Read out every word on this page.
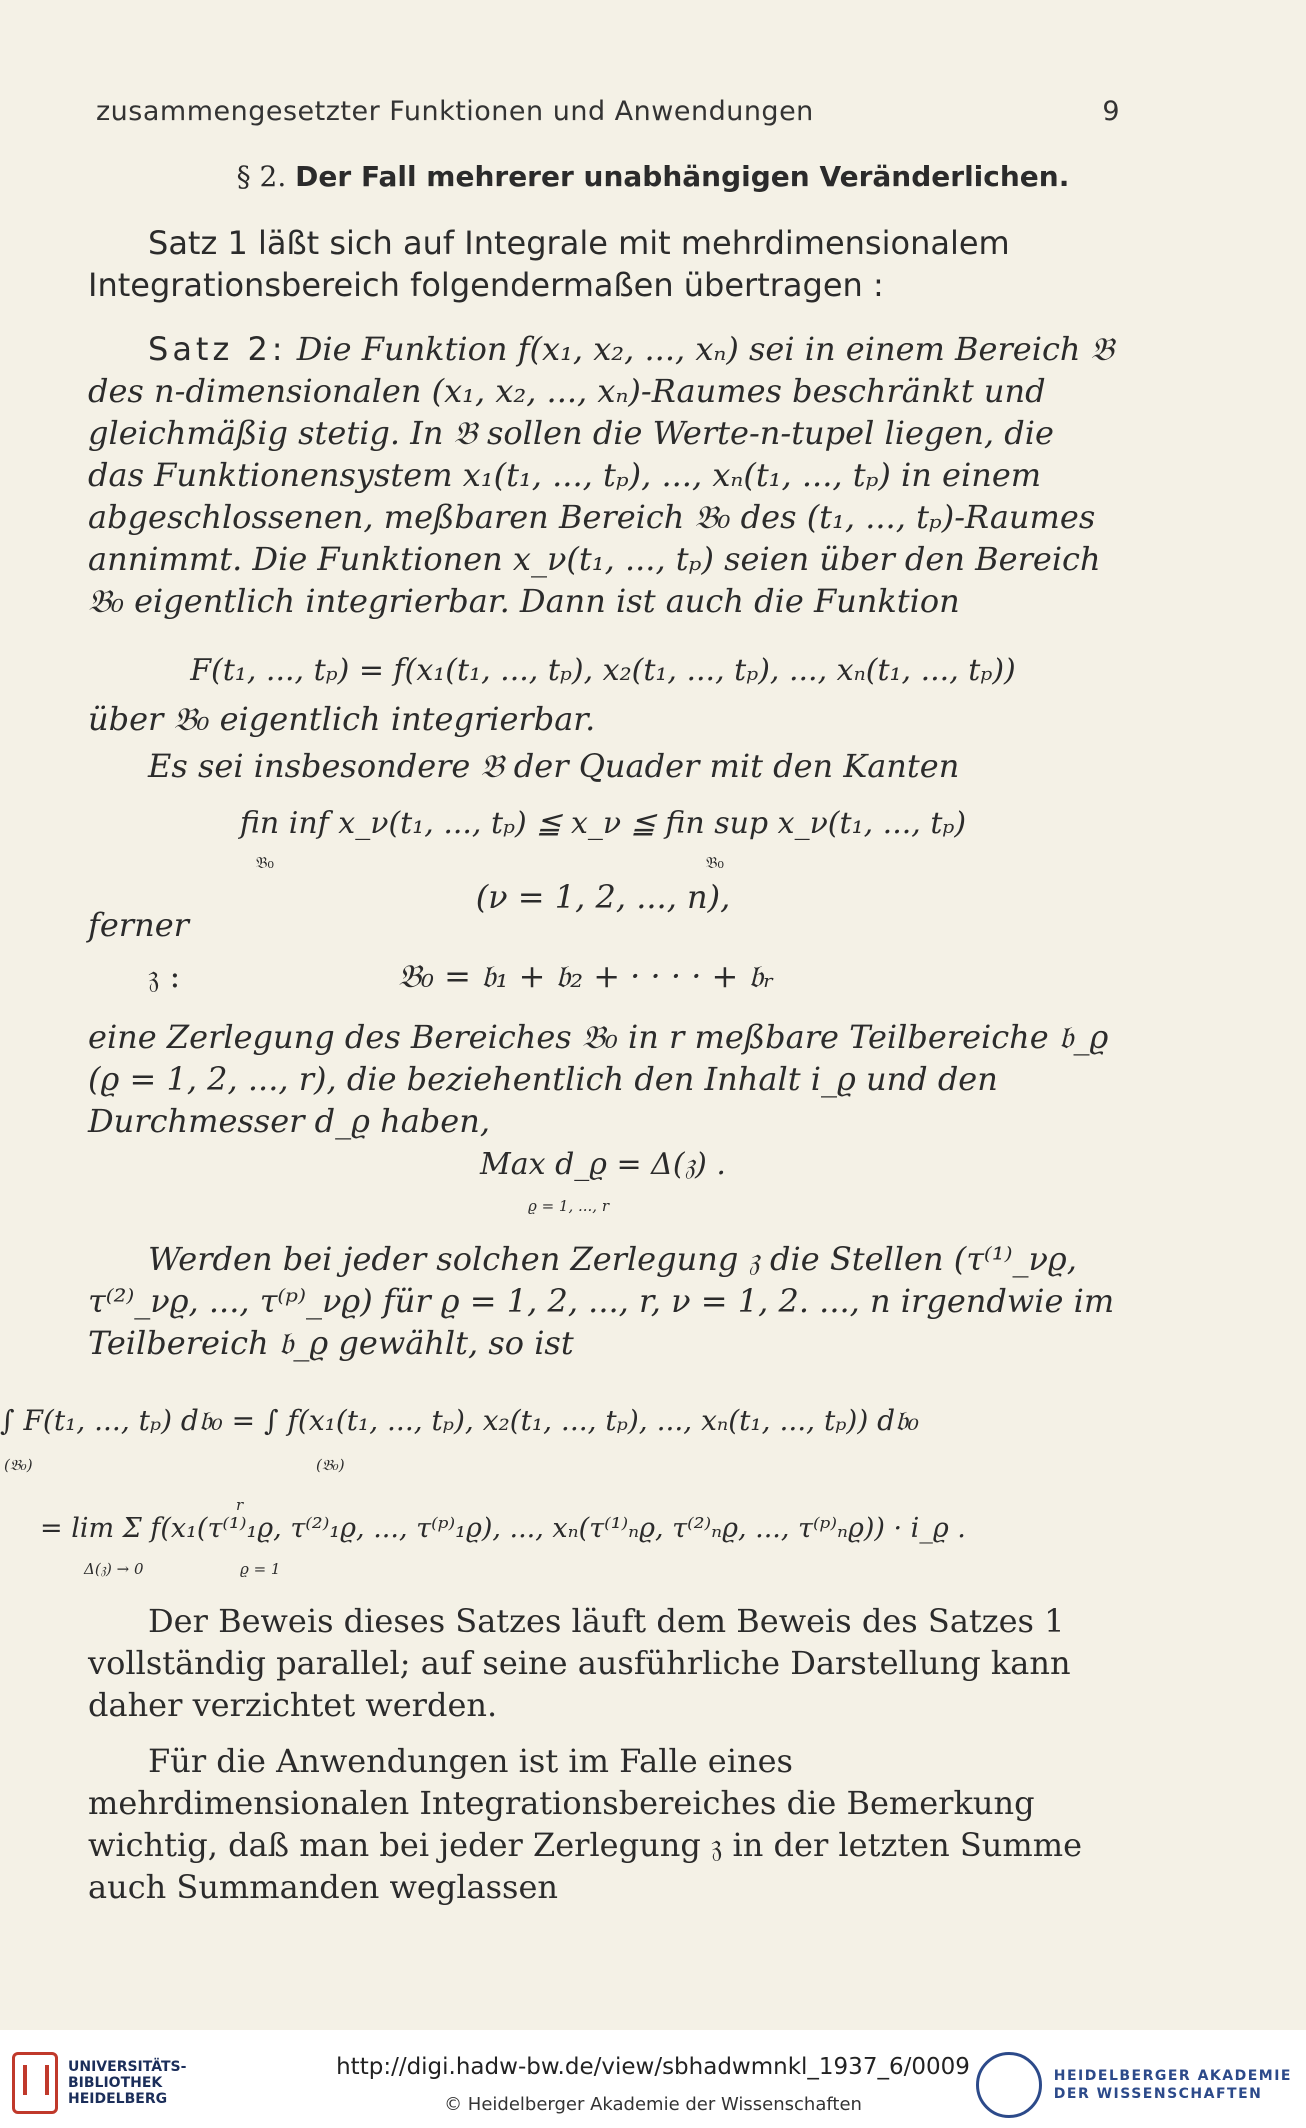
zusammengesetzter Funktionen und Anwendungen	9
§ 2. Der Fall mehrerer unabhängigen Veränderlichen.
Satz 1 läßt sich auf Integrale mit mehrdimensionalem Integrationsbereich folgendermaßen übertragen :
Satz 2: Die Funktion f(x₁, x₂, ..., xₙ) sei in einem Bereich 𝔅 des n-dimensionalen (x₁, x₂, ..., xₙ)-Raumes beschränkt und gleichmäßig stetig. In 𝔅 sollen die Werte-n-tupel liegen, die das Funktionensystem x₁(t₁, ..., tₚ), ..., xₙ(t₁, ..., tₚ) in einem abgeschlossenen, meßbaren Bereich 𝔅₀ des (t₁, ..., tₚ)-Raumes annimmt. Die Funktionen x_ν(t₁, ..., tₚ) seien über den Bereich 𝔅₀ eigentlich integrierbar. Dann ist auch die Funktion
F(t₁, ..., tₚ) = f(x₁(t₁, ..., tₚ), x₂(t₁, ..., tₚ), ..., xₙ(t₁, ..., tₚ))
über 𝔅₀ eigentlich integrierbar.
Es sei insbesondere 𝔅 der Quader mit den Kanten
fin inf x_ν(t₁, ..., tₚ) ≦ x_ν ≦ fin sup x_ν(t₁, ..., tₚ)
𝔅₀	𝔅₀
(ν = 1, 2, ..., n),
ferner
𝔷 :	𝔅₀ = 𝔟₁ + 𝔟₂ + · · · · + 𝔟ᵣ
eine Zerlegung des Bereiches 𝔅₀ in r meßbare Teilbereiche 𝔟_ϱ (ϱ = 1, 2, ..., r), die beziehentlich den Inhalt i_ϱ und den Durchmesser d_ϱ haben,
Max d_ϱ = Δ(𝔷) .
ϱ = 1, ..., r
Werden bei jeder solchen Zerlegung 𝔷 die Stellen (τ⁽¹⁾_νϱ, τ⁽²⁾_νϱ, ..., τ⁽ᵖ⁾_νϱ) für ϱ = 1, 2, ..., r, ν = 1, 2. ..., n irgendwie im Teilbereich 𝔟_ϱ gewählt, so ist
∫ F(t₁, ..., tₚ) d𝔟₀ = ∫ f(x₁(t₁, ..., tₚ), x₂(t₁, ..., tₚ), ..., xₙ(t₁, ..., tₚ)) d𝔟₀
(𝔅₀)	(𝔅₀)
r
= lim Σ f(x₁(τ⁽¹⁾₁ϱ, τ⁽²⁾₁ϱ, ..., τ⁽ᵖ⁾₁ϱ), ..., xₙ(τ⁽¹⁾ₙϱ, τ⁽²⁾ₙϱ, ..., τ⁽ᵖ⁾ₙϱ)) · i_ϱ .
Δ(𝔷) → 0	ϱ = 1
Der Beweis dieses Satzes läuft dem Beweis des Satzes 1 vollständig parallel; auf seine ausführliche Darstellung kann daher verzichtet werden.
Für die Anwendungen ist im Falle eines mehrdimensionalen Integrationsbereiches die Bemerkung wichtig, daß man bei jeder Zerlegung 𝔷 in der letzten Summe auch Summanden weglassen
UNIVERSITÄTS-
BIBLIOTHEK
HEIDELBERG
http://digi.hadw-bw.de/view/sbhadwmnkl_1937_6/0009
© Heidelberger Akademie der Wissenschaften
HEIDELBERGER AKADEMIE
DER WISSENSCHAFTEN
